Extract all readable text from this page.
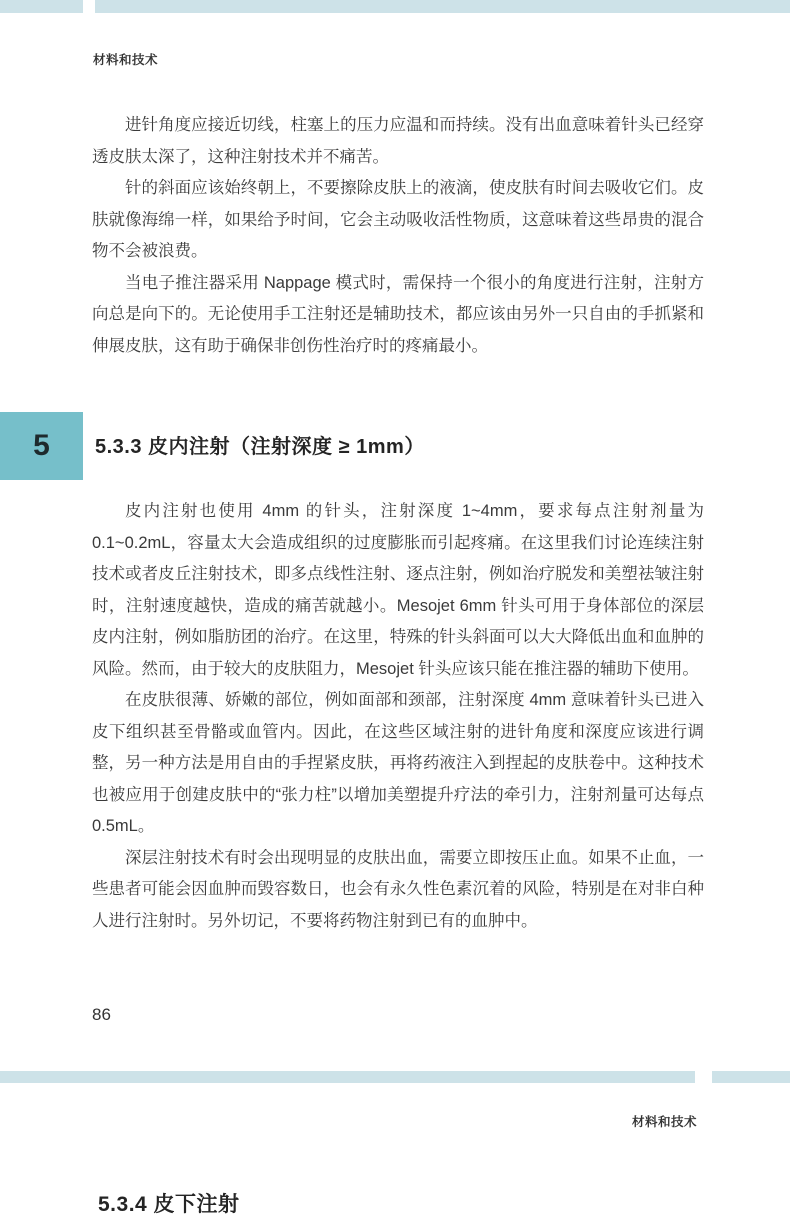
材料和技术

进针角度应接近切线，柱塞上的压力应温和而持续。没有出血意味着针头已经穿透皮肤太深了，这种注射技术并不痛苦。

针的斜面应该始终朝上，不要擦除皮肤上的液滴，使皮肤有时间去吸收它们。皮肤就像海绵一样，如果给予时间，它会主动吸收活性物质，这意味着这些昂贵的混合物不会被浪费。

当电子推注器采用 Nappage 模式时，需保持一个很小的角度进行注射，注射方向总是向下的。无论使用手工注射还是辅助技术，都应该由另外一只自由的手抓紧和伸展皮肤，这有助于确保非创伤性治疗时的疼痛最小。

5	5.3.3 皮内注射（注射深度 ≥ 1mm）

皮内注射也使用 4mm 的针头，注射深度 1~4mm，要求每点注射剂量为 0.1~0.2mL，容量太大会造成组织的过度膨胀而引起疼痛。在这里我们讨论连续注射技术或者皮丘注射技术，即多点线性注射、逐点注射，例如治疗脱发和美塑祛皱注射时，注射速度越快，造成的痛苦就越小。Mesojet 6mm 针头可用于身体部位的深层皮内注射，例如脂肪团的治疗。在这里，特殊的针头斜面可以大大降低出血和血肿的风险。然而，由于较大的皮肤阻力，Mesojet 针头应该只能在推注器的辅助下使用。

在皮肤很薄、娇嫩的部位，例如面部和颈部，注射深度 4mm 意味着针头已进入皮下组织甚至骨骼或血管内。因此，在这些区域注射的进针角度和深度应该进行调整，另一种方法是用自由的手捏紧皮肤，再将药液注入到捏起的皮肤卷中。这种技术也被应用于创建皮肤中的“张力柱”以增加美塑提升疗法的牵引力，注射剂量可达每点 0.5mL。

深层注射技术有时会出现明显的皮肤出血，需要立即按压止血。如果不止血，一些患者可能会因血肿而毁容数日，也会有永久性色素沉着的风险，特别是在对非白种人进行注射时。另外切记，不要将药物注射到已有的血肿中。

86
材料和技术
5.3.4 皮下注射
